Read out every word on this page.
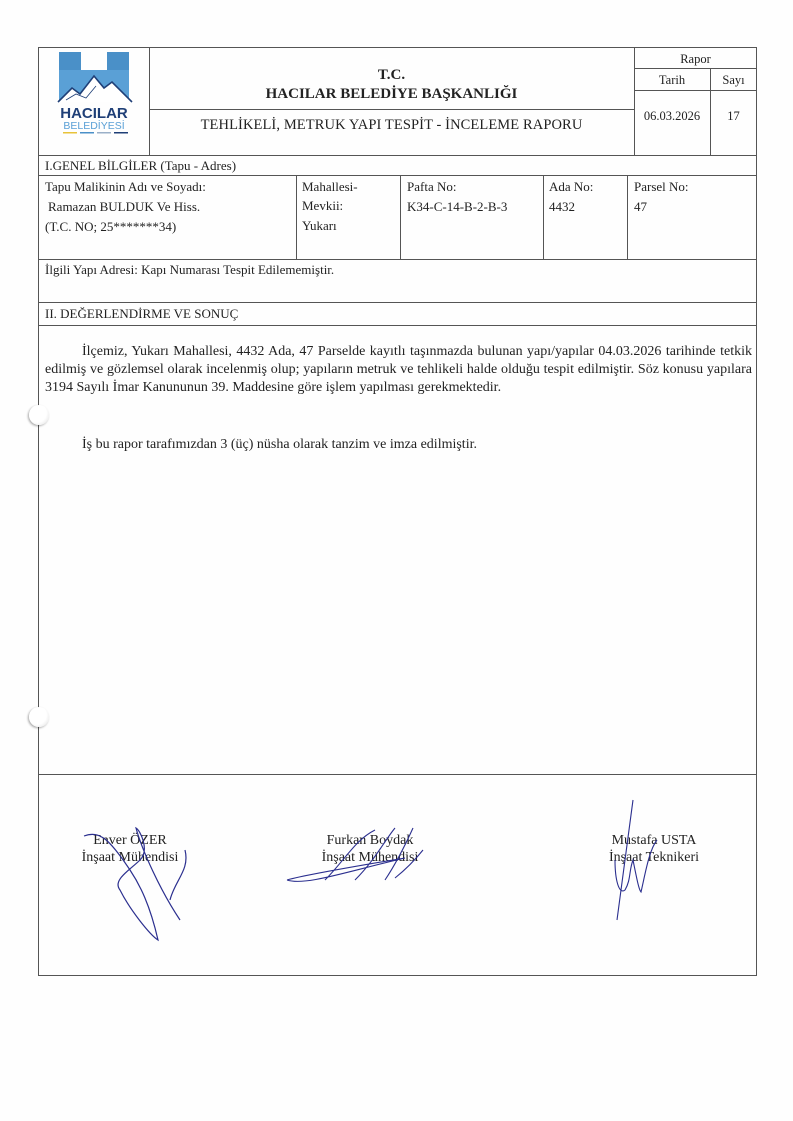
HACILAR
BELEDİYESİ
T.C.
HACILAR BELEDİYE BAŞKANLIĞI
TEHLİKELİ, METRUK YAPI TESPİT - İNCELEME RAPORU
Rapor
Tarih	Sayı
06.03.2026	17
I.GENEL BİLGİLER (Tapu - Adres)
Tapu Malikinin Adı ve Soyadı:
Ramazan BULDUK Ve Hiss.
(T.C. NO; 25*******34)
Mahallesi-
Mevkii:
Yukarı
Pafta No:
K34-C-14-B-2-B-3
Ada No:
4432
Parsel No:
47
İlgili Yapı Adresi: Kapı Numarası Tespit Edilememiştir.
II. DEĞERLENDİRME VE SONUÇ
İlçemiz, Yukarı Mahallesi, 4432 Ada, 47 Parselde kayıtlı taşınmazda bulunan yapı/yapılar 04.03.2026 tarihinde tetkik edilmiş ve gözlemsel olarak incelenmiş olup; yapıların metruk ve tehlikeli halde olduğu tespit edilmiştir. Söz konusu yapılara 3194 Sayılı İmar Kanununun 39. Maddesine göre işlem yapılması gerekmektedir.
İş bu rapor tarafımızdan 3 (üç) nüsha olarak tanzim ve imza edilmiştir.
Enver ÖZER
İnşaat Mühendisi
Furkan Boydak
İnşaat Mühendisi
Mustafa USTA
İnşaat Teknikeri
